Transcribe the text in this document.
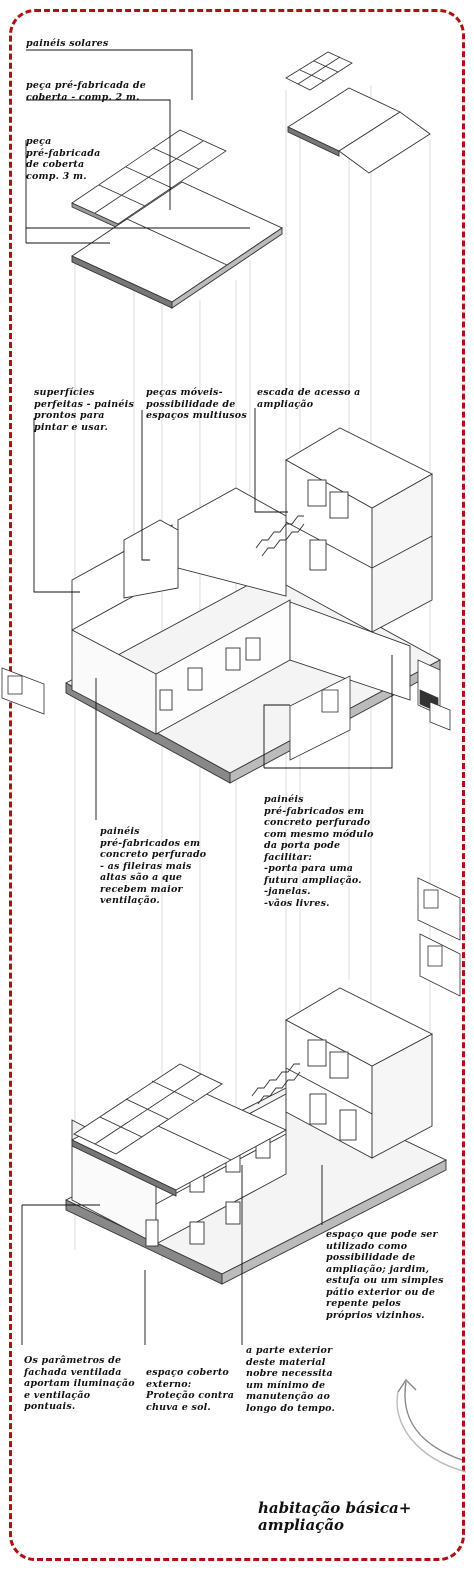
painéis solares
peça pré-fabricada de
coberta - comp. 2 m.
peça
pré-fabricada
de coberta
comp. 3 m.
superfícies
perfeitas - painéis
prontos para
pintar e usar.
peças móveis-
possibilidade de
espaços multiusos
escada de acesso a
ampliação
painéis
pré-fabricados em
concreto perfurado
- as fileiras mais
altas são a que
recebem maior
ventilação.
painéis
pré-fabricados em
concreto perfurado
com mesmo módulo
da porta pode
facilitar:
-porta para uma
futura ampliação.
-janelas.
-vãos livres.
espaço que pode ser
utilizado como
possibilidade de
ampliação; jardim,
estufa ou um simples
pátio exterior ou de
repente pelos
próprios vizinhos.
Os parâmetros de
fachada ventilada
aportam iluminação
e ventilação
pontuais.
espaço coberto
externo:
Proteção contra
chuva e sol.
a parte exterior
deste material
nobre necessita
um mínimo de
manutenção ao
longo do tempo.
habitação básica+
ampliação
